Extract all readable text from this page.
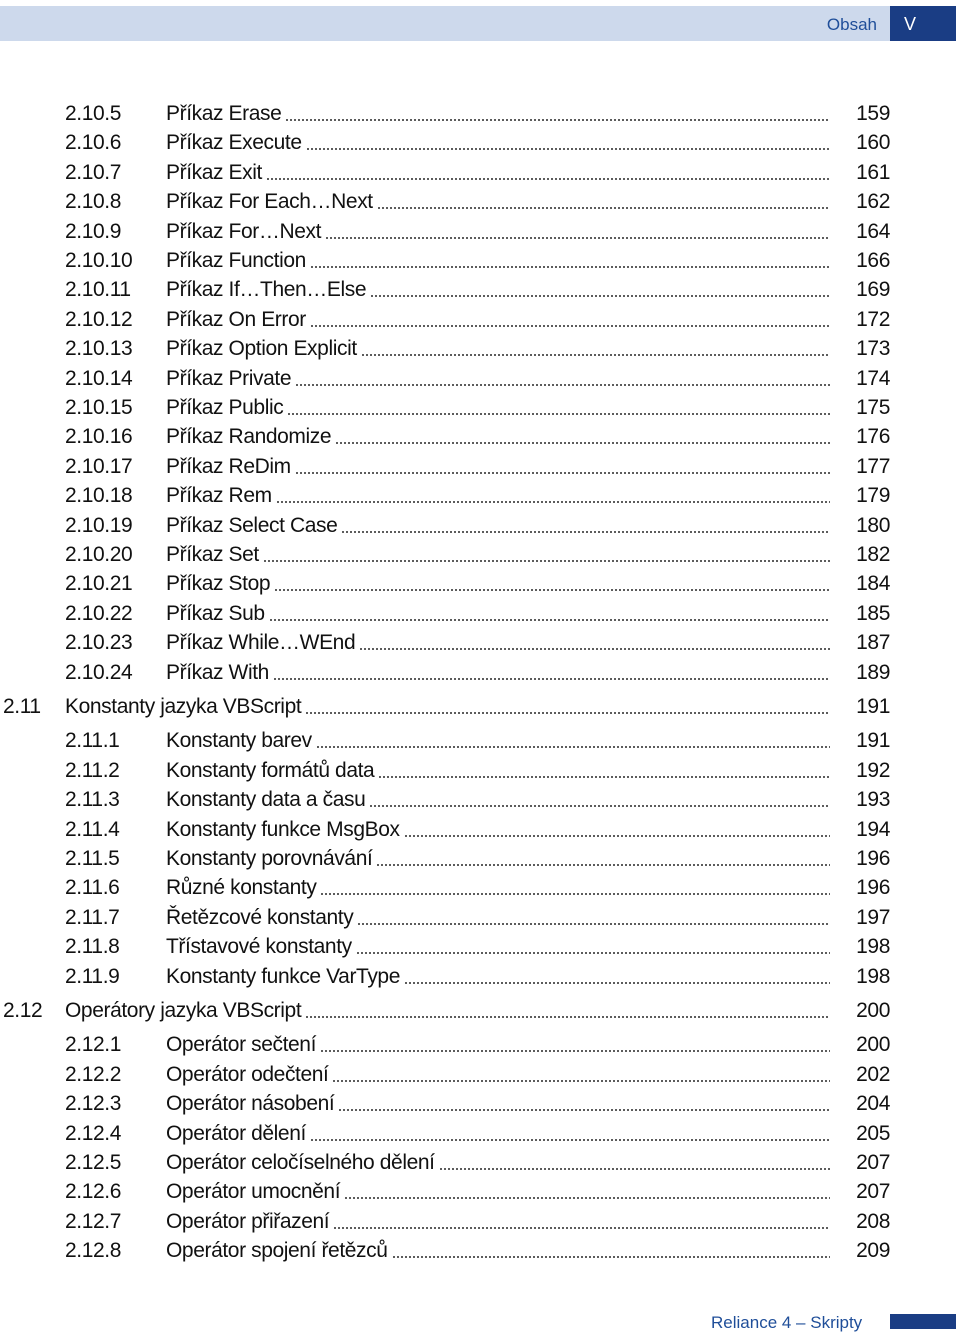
Obsah	V
2.10.5 Příkaz Erase	159
2.10.6 Příkaz Execute	160
2.10.7 Příkaz Exit	161
2.10.8 Příkaz For Each…Next	162
2.10.9 Příkaz For…Next	164
2.10.10 Příkaz Function	166
2.10.11 Příkaz If…Then…Else	169
2.10.12 Příkaz On Error	172
2.10.13 Příkaz Option Explicit	173
2.10.14 Příkaz Private	174
2.10.15 Příkaz Public	175
2.10.16 Příkaz Randomize	176
2.10.17 Příkaz ReDim	177
2.10.18 Příkaz Rem	179
2.10.19 Příkaz Select Case	180
2.10.20 Příkaz Set	182
2.10.21 Příkaz Stop	184
2.10.22 Příkaz Sub	185
2.10.23 Příkaz While…WEnd	187
2.10.24 Příkaz With	189
2.11 Konstanty jazyka VBScript	191
2.11.1 Konstanty barev	191
2.11.2 Konstanty formátů data	192
2.11.3 Konstanty data a času	193
2.11.4 Konstanty funkce MsgBox	194
2.11.5 Konstanty porovnávání	196
2.11.6 Různé konstanty	196
2.11.7 Řetězcové konstanty	197
2.11.8 Třístavové konstanty	198
2.11.9 Konstanty funkce VarType	198
2.12 Operátory jazyka VBScript	200
2.12.1 Operátor sečtení	200
2.12.2 Operátor odečtení	202
2.12.3 Operátor násobení	204
2.12.4 Operátor dělení	205
2.12.5 Operátor celočíselného dělení	207
2.12.6 Operátor umocnění	207
2.12.7 Operátor přiřazení	208
2.12.8 Operátor spojení řetězců	209
Reliance 4 – Skripty
